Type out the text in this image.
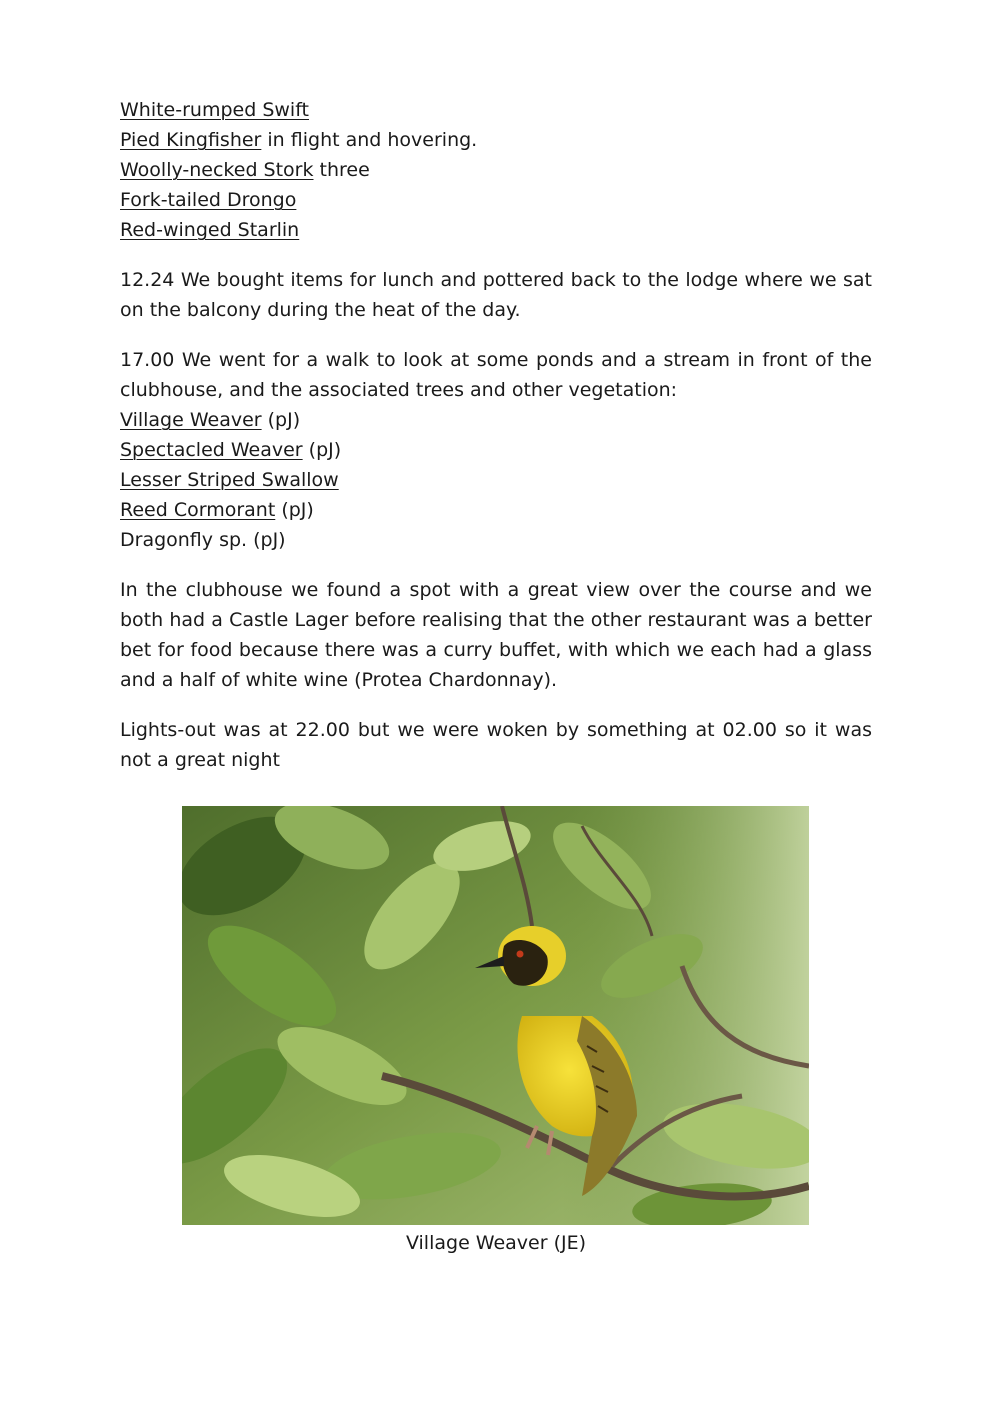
White-rumped Swift
Pied Kingfisher in flight and hovering.
Woolly-necked Stork three
Fork-tailed Drongo
Red-winged Starlin
12.24 We bought items for lunch and pottered back to the lodge where we sat on the balcony during the heat of the day.
17.00 We went for a walk to look at some ponds and a stream in front of the clubhouse, and the associated trees and other vegetation:
Village Weaver (pJ)
Spectacled Weaver (pJ)
Lesser Striped Swallow
Reed Cormorant (pJ)
Dragonfly sp. (pJ)
In the clubhouse we found a spot with a great view over the course and we both had a Castle Lager before realising that the other restaurant was a better bet for food because there was a curry buffet, with which we each had a glass and a half of white wine (Protea Chardonnay).
Lights-out was at 22.00 but we were woken by something at 02.00 so it was not a great night
Village Weaver (JE)
